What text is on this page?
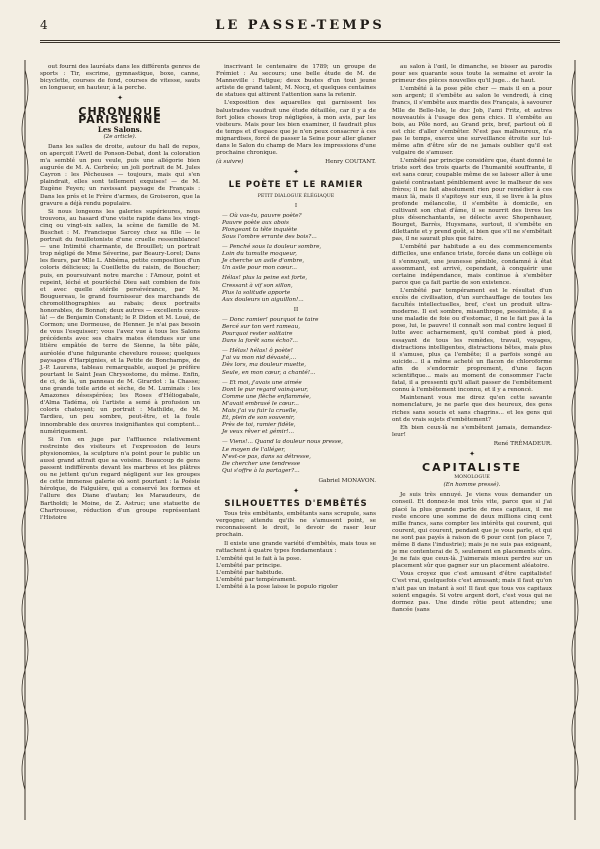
4	LE PASSE-TEMPS

out fourni des lauréats dans les différents genres de sports : Tir, escrime, gymnastique, boxe, canne, bicyclette, courses de fond, courses de vitesse, sauts en longueur, en hauteur, à la perche.

✦
CHRONIQUE PARISIENNE
Les Salons.
(2e article).

Dans les salles de droite, autour du hall de repos, on aperçoit l'Avril de Ponson-Debat, dont la coloration m'a semblé un peu veule, puis une allégorie bien augurée de M. A. Cerbréo; un joli portrait de M. Jules Cayron : les Pêcheuses — toujours, mais qui s'en plaindrait, elles sont tellement exquises! — de M. Eugène Feyen; un ravissant paysage de Français : Dans les prés et le Frère d'armes, de Groiseron, que la gravure a déjà rendu populaire.

Si nous longeons les galeries supérieures, nous trouvons, au hasard d'une visite rapide dans les vingt-cinq ou vingt-six salles, la scène de famille de M. Buschet : M. Francisque Sarcey chez sa fille — le portrait du feuilletoniste d'une cruelle ressemblance! — une Intimité charmante, de Brouillet; un portrait trop négligé de Mme Séverine, par Beaury-Lorel; Dans les fleurs, par Mlle L. Abbéma, petite composition d'un coloris délicieux; la Cueillette du raisin, de Boucher; puis, en poursuivant notre marche : l'Amour, point et repeint, léché et pourléché Dieu sait combien de fois et avec quelle stérile persévérance, par M. Bouguereau, le grand fournisseur des marchands de chromolithographies au rabais; deux portraits honorables, de Bonnat; deux autres — excellents ceux-là! — de Benjamin Constant; le P. Didon et M. Loué, de Cormon; une Dormeuse, de Henner. Je n'ai pas besoin de vous l'esquisser; vous l'avez vue à tous les Salons précédents avec ses chairs mates étendues sur une litière empâtée de terre de Sienne, la tête pâle, auréolée d'une fulgurante chevelure rousse; quelques paysages d'Harpignies, et la Petite de Bonchamps, de J.-P. Laurens, tableau remarquable, auquel je préfère pourtant le Saint Jean Chrysostome, du même. Enfin, de ci, de là, un panneau de M. Girardot : la Chasse; une grande toile aride et sèche, de M. Luminais : les Amazones désespérées; les Roses d'Héliogabale, d'Alma Tadéma, où l'artiste a semé à profusion un coloris chatoyant; un portrait : Mathilde, de M. Tardieu, un peu sombre, peut-être, et la foule innombrable des œuvres insignifiantes qui comptent... numériquement.

Si l'on en juge par l'affluence relativement restreinte des visiteurs et l'expression de leurs physionomies, la sculpture n'a point pour le public un aussi grand attrait que sa voisine. Beaucoup de gens passent indifférents devant les marbres et les plâtres ou ne jettent qu'un regard négligent sur les groupes de cette immense galerie où sont pourtant : la Poésie héroïque, de Falguière, qui a conservé les formes et l'allure des Diane d'autan; les Maraudeurs, de Bartholdi; le Moine, de Z. Astruc; une statuette de Chartrousse, réduction d'un groupe représentant l'Histoire

inscrivant le centenaire de 1789; un groupe de Frémiet : Au secours; une belle étude de M. de Manneville : Fatigue; deux bustes d'un tout jeune artiste de grand talent, M. Nocq, et quelques centaines de statues qui attirent l'attention sans la retenir.

L'exposition des aquarelles qui garnissent les balustrades vaudrait une étude détaillée, car il y a de fort jolies choses trop négligées, à mon avis, par les visiteurs. Mais pour les bien examiner, il faudrait plus de temps et d'espace que je n'en peux consacrer à ces mignardises, forcé de passer la Seine pour aller glaner dans le Salon du champ de Mars les impressions d'une prochaine chronique.

(à suivre)	Henry COUTANT.
✦
LE POÈTE ET LE RAMIER
PETIT DIALOGUE ÉLÉGIAQUE
I
— Où vas-tu, pauvre poète?
Pauvre poète aux abois
Plongeant ta tête inquiète
Sous l'ombre errante des bois?...
— Penché sous la douleur sombre,
Loin du tumulte moqueur,
Je cherche un asile d'ombre,
Un asile pour mon cœur...
Hélas! plus la peine est forte,
Cressant à vif son sillon,
Plus la solitude apporte
Aux douleurs un aiguillon!...
II
— Donc ramier! pourquoi te taire
Bercé sur ton vert rameau,
Pourquoi rester solitaire
Dans la forêt sans écho?...
— Hélas! hélas! ô poète!
J'ai vu mon nid dévasté,...
Dès lors, ma douleur muette,
Seule, en mon cœur, a chanté!...
— Et moi, j'avais une aimée
Dont le pur regard vainqueur,
Comme une flèche enflammée,
M'avait embrasé le cœur...
Mais j'ai vu fuir la cruelle,
Et, plein de son souvenir,
Près de toi, ramier fidèle,
Je veux rêver et gémir!...
— Viens!... Quand la douleur nous presse,
Le moyen de l'alléger,
N'est-ce pas, dans sa détresse,
De chercher une tendresse
Qui s'offre à la partager?...
Gabriel MONAVON.
✦
SILHOUETTES D'EMBÊTÉS

Tous très embêtants, embêtants sans scrupule, sans vergogne; attendu qu'ils ne s'amusent point, se reconnaissent le droit, le devoir de raser leur prochain.

Il existe une grande variété d'embêtés, mais tous se rattachent à quatre types fondamentaux :

L'embêté qui le fait à la pose.
L'embêté par principe.
L'embêté par habitude.
L'embêté par tempérament.
L'embêté à la pose laisse le populo rigoler

au salon à l'œil, le dimanche, se bisser au parodis pour ses quarante sous toute la semaine et avoir la primeur des pièces nouvelles qu'il juge... de haut.

L'embêté à la pose pèle cher — mais il en a pour son argent; il s'embête au salon le vendredi, à cinq francs, il s'embête aux mardis des Français, à savourer Mlle de Belle-Isle, le duc Job, l'ami Fritz, et autres nouveautés à l'usage des gens chics. Il s'embête au bois, au Pôle nord, au Grand prix, bref, partout où il est chic d'aller s'embêter. N'est pas malheureux, n'a pas le temps, exerce une surveillance étroite sur lui-même afin d'être sûr de ne jamais oublier qu'il est vulgaire de s'amuser.

L'embêté par principe considère que, étant donné le triste sort des trois quarts de l'humanité souffrante, il est sans cœur, coupable même de se laisser aller à une gaieté contrastant péniblement avec le malheur de ses frères; il ne fait absolument rien pour remédier à ces maux là, mais il s'apitoye sur eux, il se livre à la plus profonde mélancolie, il s'embête à domicile, en cultivant son chat d'âme, il se nourrit des livres les plus désenchantants, se délecte avec Shopenhauer, Bourget, Barrès, Huysmans, surtout, il s'embête en dilettante et y prend goût, si bien que s'il ne s'embêtait pas, il ne saurait plus que faire.

L'embêté par habitude a eu des commencements difficiles, une enfance triste, forcée dans un collège où il s'ennuyait, une jeunesse pénible, condamné à état assommant, est arrivé, cependant, à conquérir une certaine indépendance, mais continue à s'embêter parce que ça fait partie de son existence.

L'embêté par tempérament est le résultat d'un excès de civilisation, d'un surchauffage de toutes les facultés intellectuelles, bref, c'est un produit ultra-moderne. Il est sombre, misanthrope, pessimiste, il a une maladie de foie ou d'estomac, il ne le fait pas à la pose, lui, le pauvre! il connaît son mal contre lequel il lutte avec acharnement, qu'il combat pied à pied, essayant de tous les remèdes, travail, voyages, distractions intelligentes, distractions bêtes, mais plus il s'amuse, plus ça l'embête; il a parfois songé au suicide... il a même acheté un flacon de chloroforme afin de s'endormir proprement, d'une façon scientifique... mais au moment de consommer l'acte fatal, il a pressenti qu'il allait passer de l'embêtement connu à l'embêtement inconnu, et il y a renoncé.

Maintenant vous me direz qu'en cette savante nomenclature, je ne parle que des heureux, des gens riches sans soucis et sans chagrins... et les gens qui ont de vrais sujets d'embêtement?

Eh bien ceux-là ne s'embêtent jamais, demandez-leur!

René TRÉMADEUR.
✦
CAPITALISTE
MONOLOGUE
(En homme pressé).

Je suis très ennuyé. Je viens vous demander un conseil. Et donnez-le moi très vite, parce que si j'ai placé la plus grande partie de mes capitaux, il me reste encore une somme de deux millions cinq cent mille francs, sans compter les intérêts qui courent, qui courent, qui courent, pendant que je vous parle, et qui ne sont pas payés à raison de 6 pour cent (on place 7, même 8 dans l'industrie); mais je ne suis pas exigeant, je me contenterai de 5, seulement en placements sûrs. Je ne fais que ceux-là. J'aimerais mieux perdre sur un placement sûr que gagner sur un placement aléatoire.

Vous croyez que c'est amusant d'être capitaliste! C'est vrai, quelquefois c'est amusant; mais il faut qu'on n'ait pas un instant à soi! Il faut que tous vos capitaux soient engagés. Si votre argent dort, c'est vous qui ne dormez pas. Une dinde rôtie peut attendre; une fiancée (sans
